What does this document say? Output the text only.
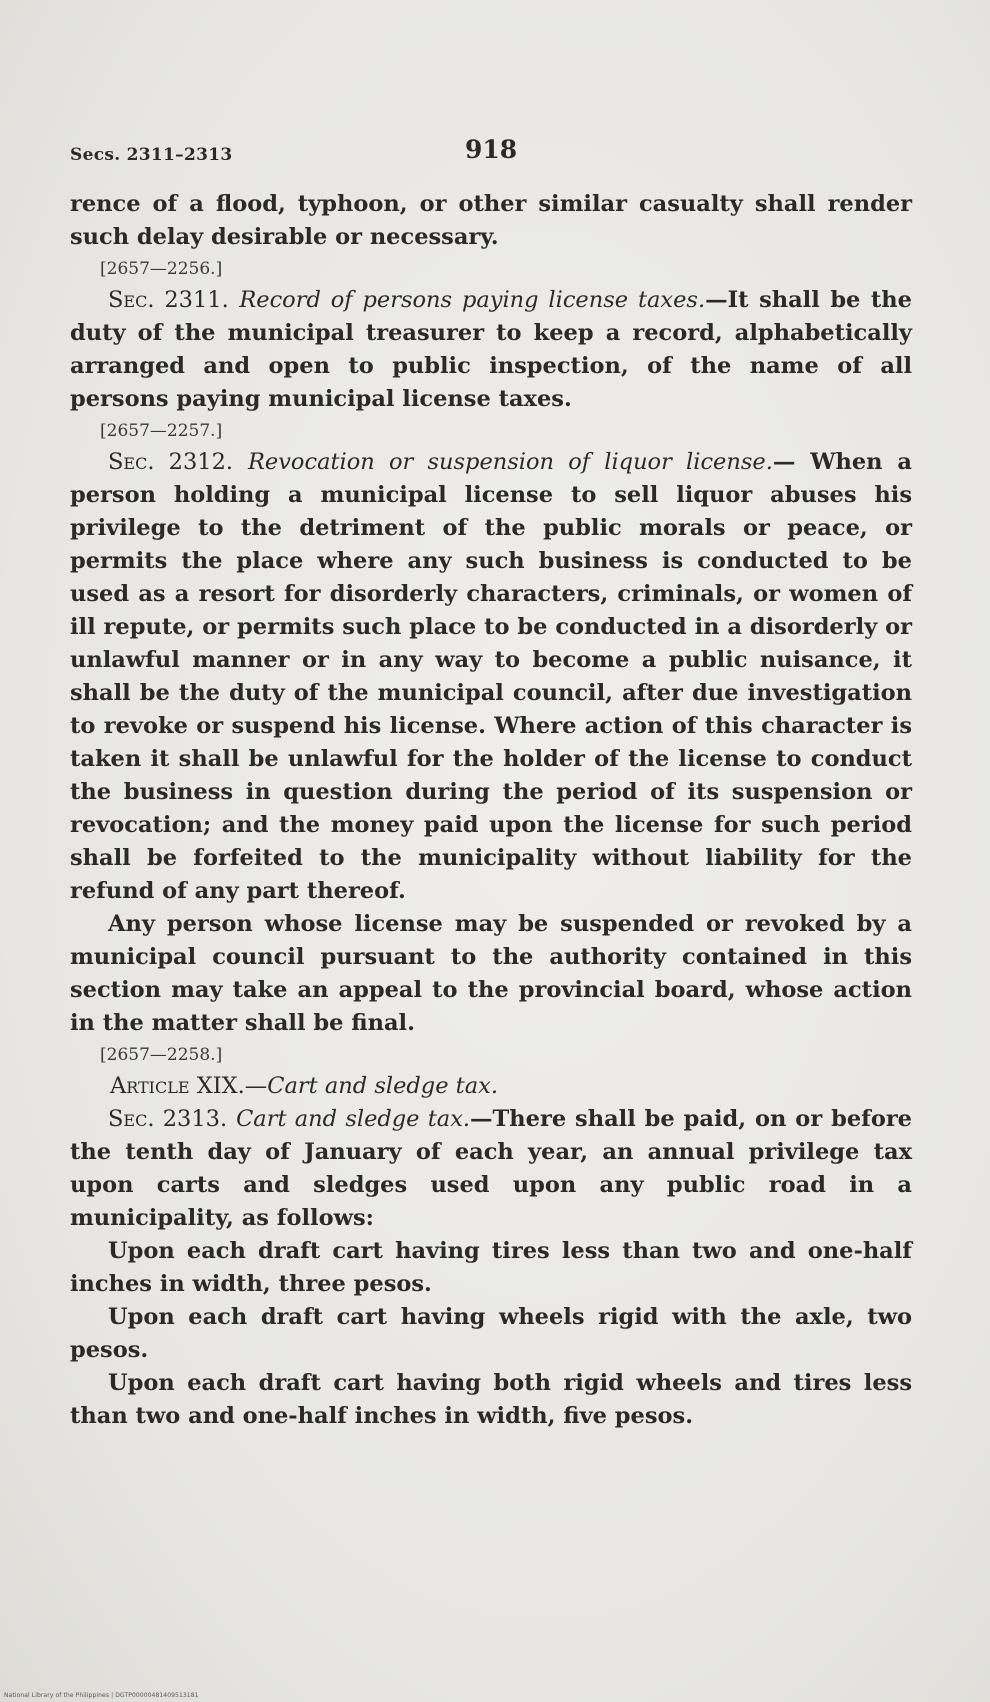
Secs. 2311–2313	918

rence of a flood, typhoon, or other similar casualty shall render such delay desirable or necessary.

[2657—2256.]

Sec. 2311. Record of persons paying license taxes.—It shall be the duty of the municipal treasurer to keep a record, alphabetically arranged and open to public inspection, of the name of all persons paying municipal license taxes.

[2657—2257.]

Sec. 2312. Revocation or suspension of liquor license.— When a person holding a municipal license to sell liquor abuses his privilege to the detriment of the public morals or peace, or permits the place where any such business is conducted to be used as a resort for disorderly characters, criminals, or women of ill repute, or permits such place to be conducted in a disorderly or unlawful manner or in any way to become a public nuisance, it shall be the duty of the municipal council, after due investigation to revoke or suspend his license. Where action of this character is taken it shall be unlawful for the holder of the license to conduct the business in question during the period of its suspension or revocation; and the money paid upon the license for such period shall be forfeited to the municipality without liability for the refund of any part thereof.

Any person whose license may be suspended or revoked by a municipal council pursuant to the authority contained in this section may take an appeal to the provincial board, whose action in the matter shall be final.

[2657—2258.]

Article XIX.—Cart and sledge tax.

Sec. 2313. Cart and sledge tax.—There shall be paid, on or before the tenth day of January of each year, an annual privilege tax upon carts and sledges used upon any public road in a municipality, as follows:

Upon each draft cart having tires less than two and one-half inches in width, three pesos.

Upon each draft cart having wheels rigid with the axle, two pesos.

Upon each draft cart having both rigid wheels and tires less than two and one-half inches in width, five pesos.

National Library of the Philippines | DGTP00000481409513181
